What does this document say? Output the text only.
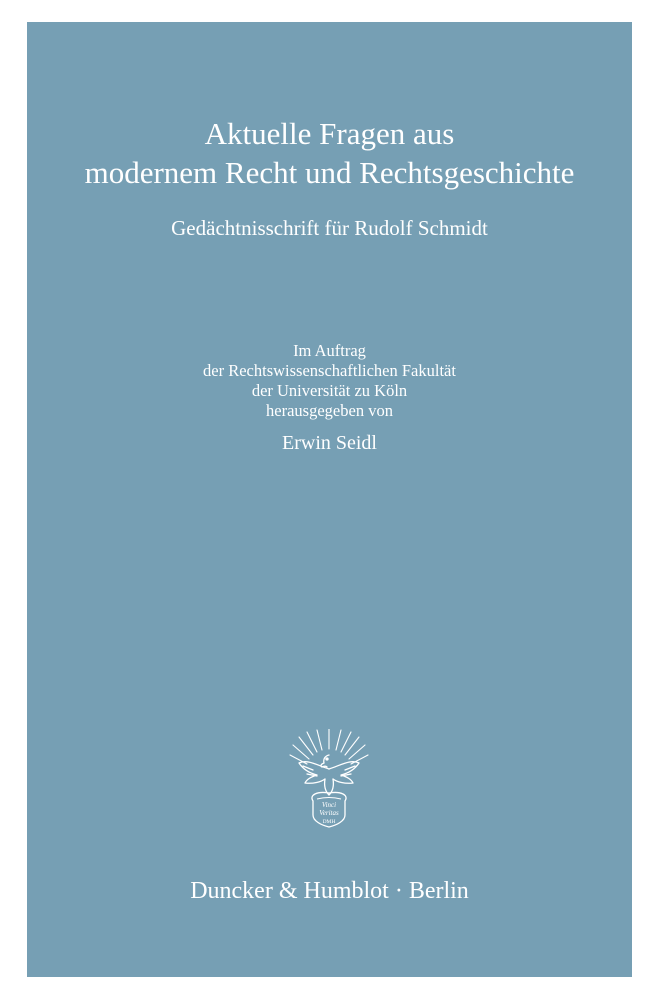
Aktuelle Fragen aus
modernem Recht und Rechtsgeschichte
Gedächtnisschrift für Rudolf Schmidt
Im Auftrag
der Rechtswissenschaftlichen Fakultät
der Universität zu Köln
herausgegeben von
Erwin Seidl
Vinci
Veritas
DMH
Duncker & Humblot · Berlin
